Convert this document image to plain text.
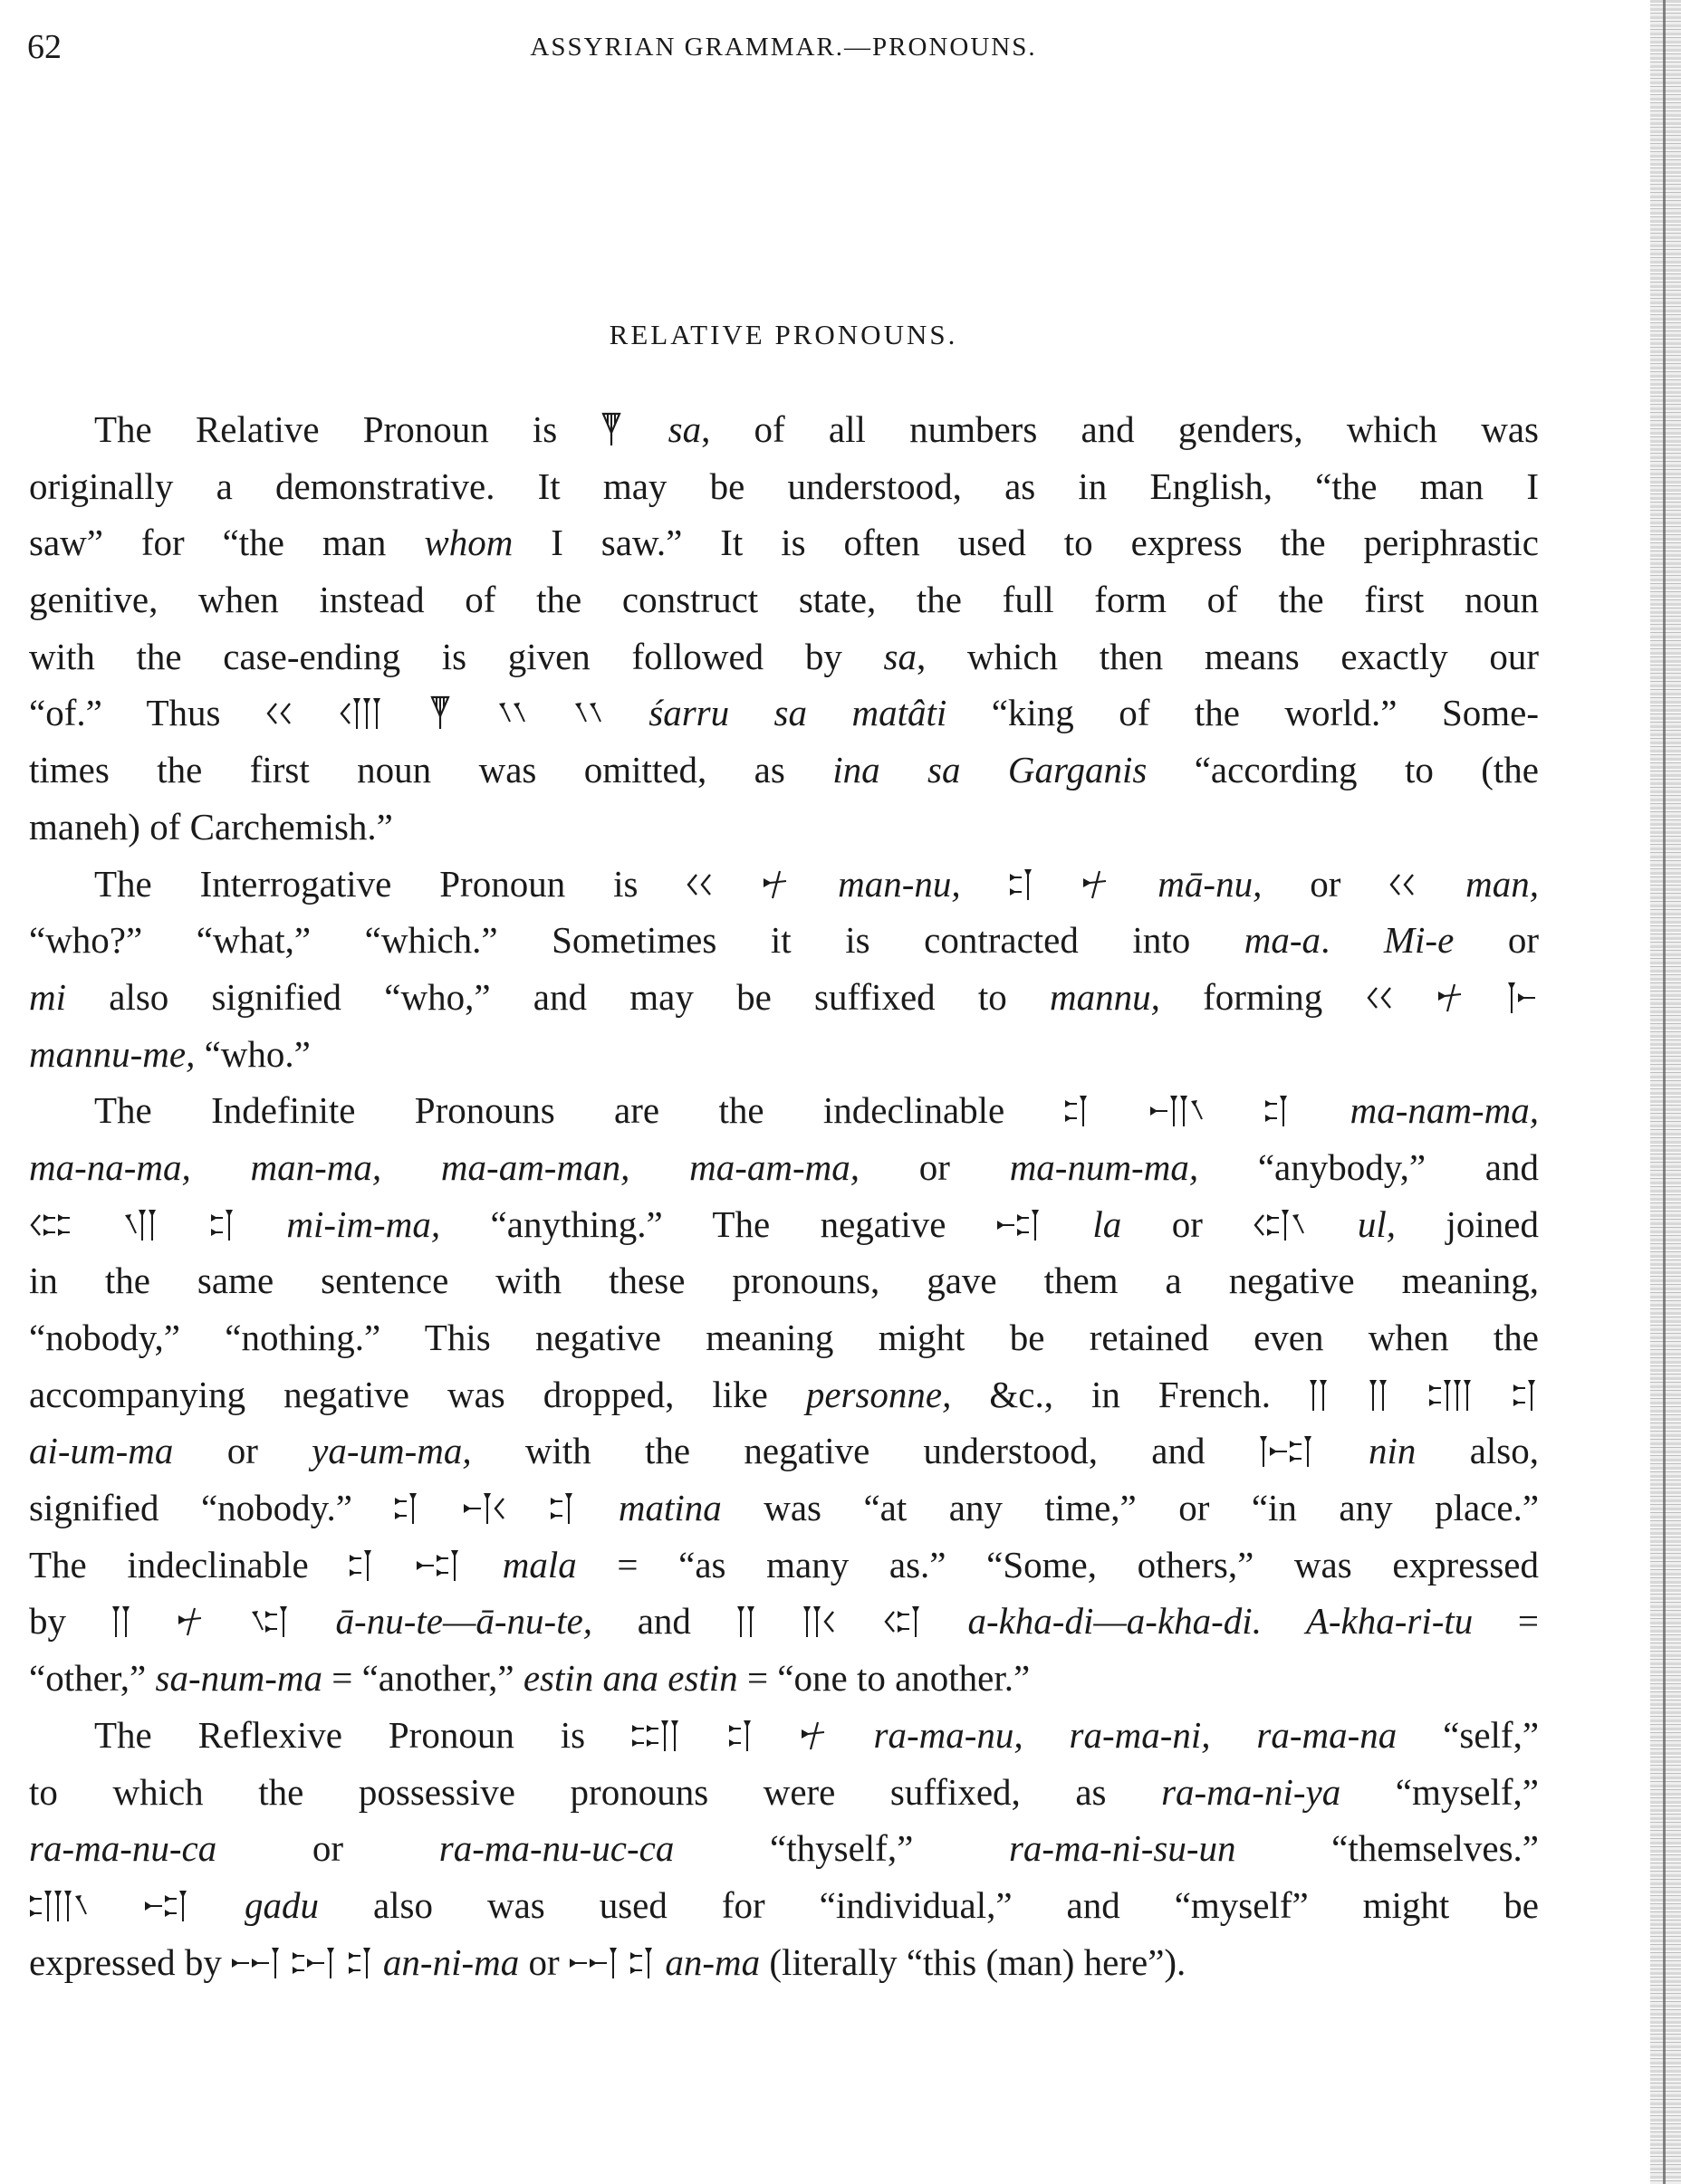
62	ASSYRIAN GRAMMAR.—PRONOUNS.
RELATIVE PRONOUNS.
The Relative Pronoun is
sa, of all numbers and genders, which was
originally a demonstrative. It may be understood, as in English, “the man I
saw” for “the man whom I saw.” It is often used to express the periphrastic
genitive, when instead of the construct state, the full form of the first noun
with the case-ending is given followed by sa, which then means exactly our
“of.” Thus

	śarru sa matâti “king of the world.” Some-
times the first noun was omitted, as ina sa Garganis “according to (the
maneh) of Carchemish.”
The Interrogative Pronoun is
	man-nu,
	mā-nu, or
man,
“who?” “what,” “which.” Sometimes it is contracted into ma-a. Mi-e or
mi also signified “who,” and may be suffixed to mannu, forming

mannu-me, “who.”
The Indefinite Pronouns are the indeclinable

	ma-nam-ma,
ma-na-ma, man-ma, ma-am-man, ma-am-ma, or ma-num-ma, “anybody,” and

mi-im-ma, “anything.” The negative
la or
ul, joined
in the same sentence with these pronouns, gave them a negative meaning,
“nobody,” “nothing.” This negative meaning might be retained even when the
accompanying negative was dropped, like personne, &c., in French.

ai-um-ma or ya-um-ma, with the negative understood, and
nin also,
signified “nobody.”

	matina was “at any time,” or “in any place.”
The indeclinable
	mala = “as many as.” “Some, others,” was expressed
by

	ā-nu-te—ā-nu-te, and

	a-kha-di—a-kha-di. A-kha-ri-tu =
“other,” sa-num-ma = “another,” estin ana estin = “one to another.”
The Reflexive Pronoun is

	ra-ma-nu, ra-ma-ni, ra-ma-na “self,”
to which the possessive pronouns were suffixed, as ra-ma-ni-ya “myself,”
ra-ma-nu-ca or ra-ma-nu-uc-ca “thyself,” ra-ma-ni-su-un “themselves.”

gadu also was used for “individual,” and “myself” might be
expressed by

	an-ni-ma or

an-ma (literally “this (man) here”).
